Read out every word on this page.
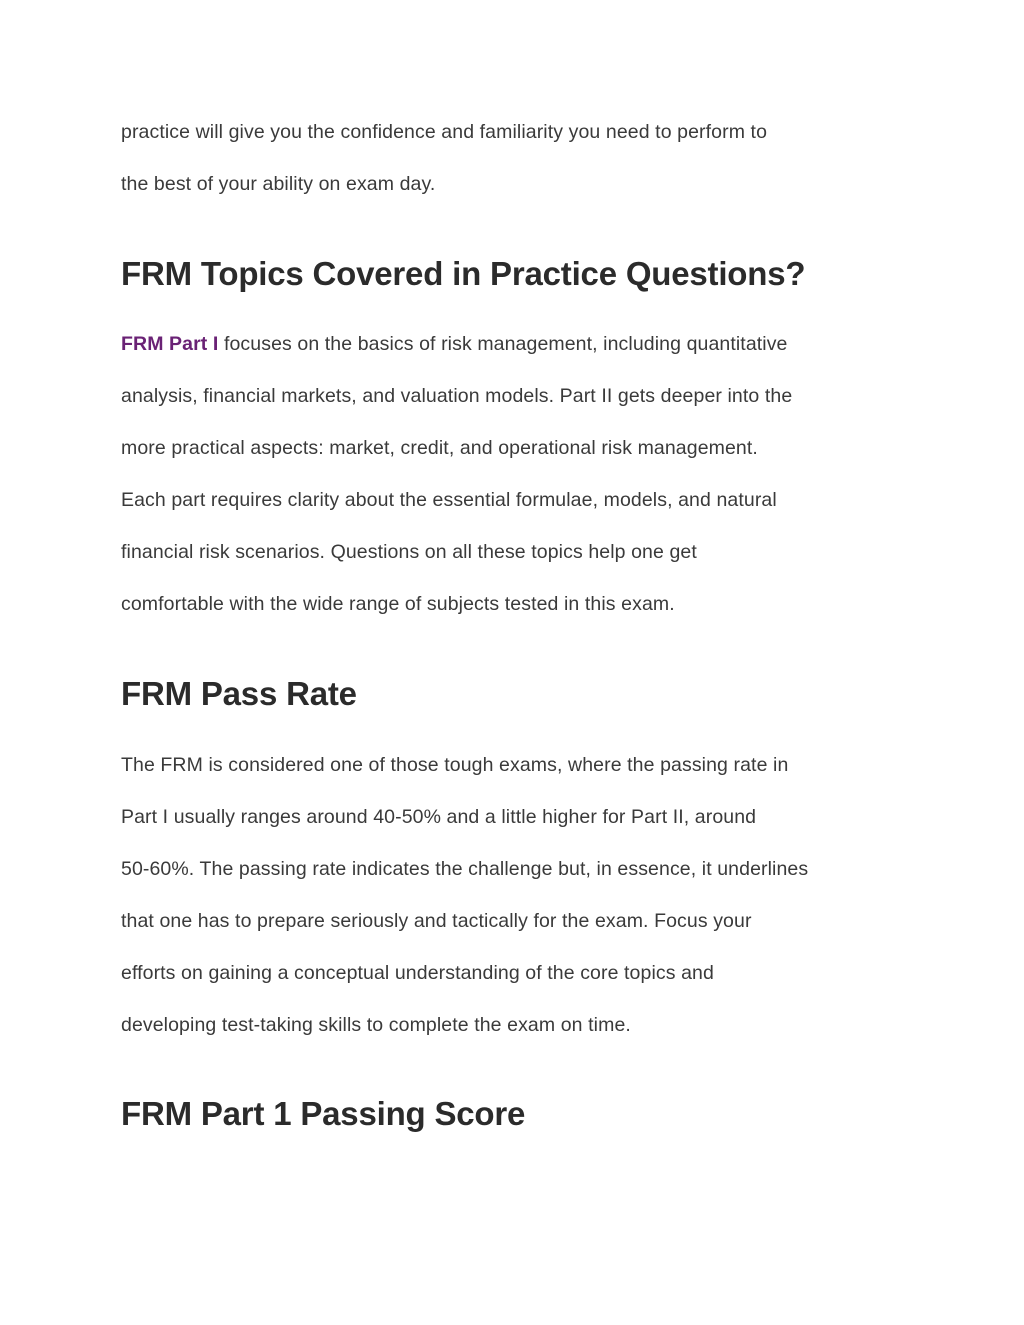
practice will give you the confidence and familiarity you need to perform to
the best of your ability on exam day.

FRM Topics Covered in Practice Questions?

FRM Part I focuses on the basics of risk management, including quantitative
analysis, financial markets, and valuation models. Part II gets deeper into the
more practical aspects: market, credit, and operational risk management.
Each part requires clarity about the essential formulae, models, and natural
financial risk scenarios. Questions on all these topics help one get
comfortable with the wide range of subjects tested in this exam.

FRM Pass Rate

The FRM is considered one of those tough exams, where the passing rate in
Part I usually ranges around 40-50% and a little higher for Part II, around
50-60%. The passing rate indicates the challenge but, in essence, it underlines
that one has to prepare seriously and tactically for the exam. Focus your
efforts on gaining a conceptual understanding of the core topics and
developing test-taking skills to complete the exam on time.

FRM Part 1 Passing Score
